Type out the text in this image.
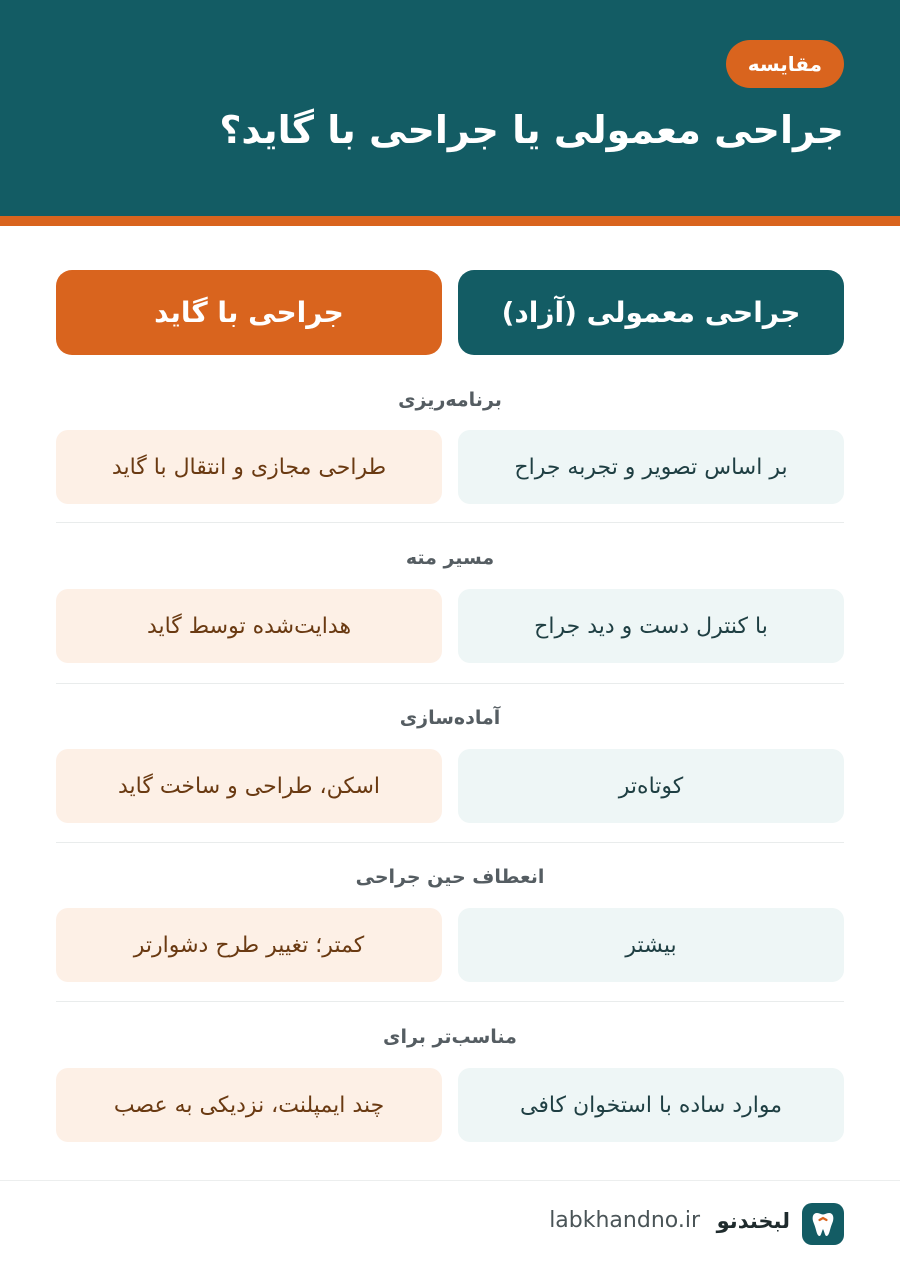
مقایسه
جراحی معمولی یا جراحی با گاید؟
جراحی معمولی (آزاد)
جراحی با گاید
برنامه‌ریزی
بر اساس تصویر و تجربه جراح
طراحی مجازی و انتقال با گاید
مسیر مته
با کنترل دست و دید جراح
هدایت‌شده توسط گاید
آماده‌سازی
کوتاه‌تر
اسکن، طراحی و ساخت گاید
انعطاف حین جراحی
بیشتر
کمتر؛ تغییر طرح دشوارتر
مناسب‌تر برای
موارد ساده با استخوان کافی
چند ایمپلنت، نزدیکی به عصب
لبخندنو
labkhandno.ir
